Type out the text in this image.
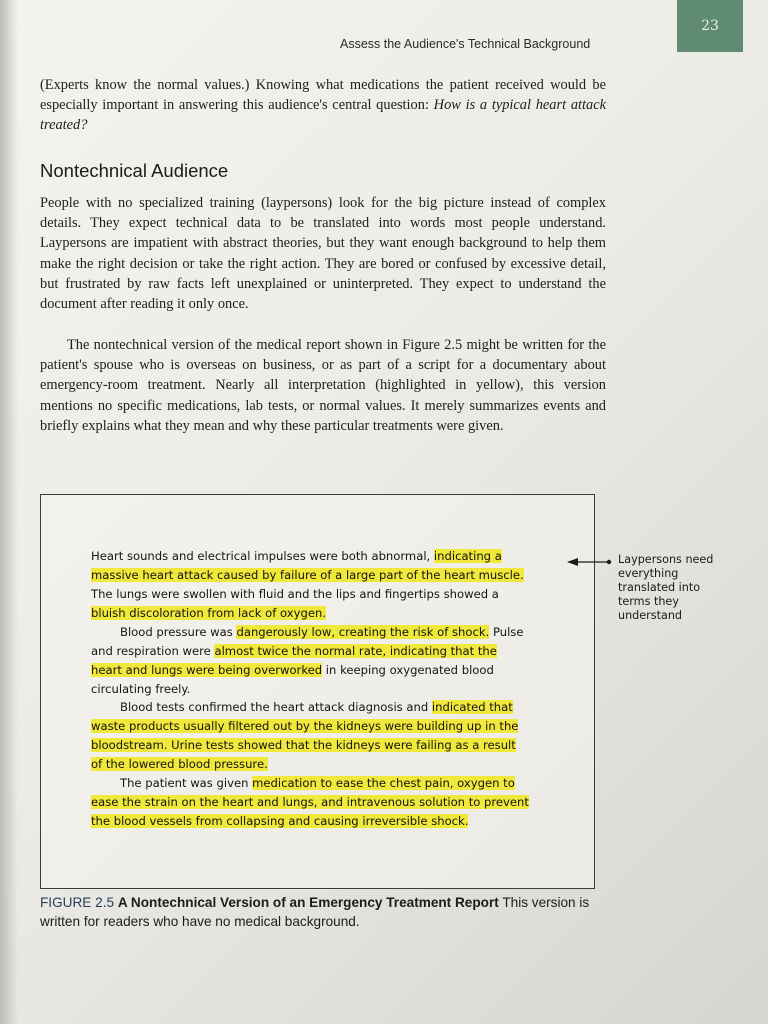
Assess the Audience's Technical Background
23

(Experts know the normal values.) Knowing what medications the patient received would be especially important in answering this audience's central question: How is a typical heart attack treated?

Nontechnical Audience

People with no specialized training (laypersons) look for the big picture instead of complex details. They expect technical data to be translated into words most people understand. Laypersons are impatient with abstract theories, but they want enough background to help them make the right decision or take the right action. They are bored or confused by excessive detail, but frustrated by raw facts left unexplained or uninterpreted. They expect to understand the document after reading it only once.

The nontechnical version of the medical report shown in Figure 2.5 might be written for the patient's spouse who is overseas on business, or as part of a script for a documentary about emergency-room treatment. Nearly all interpretation (highlighted in yellow), this version mentions no specific medications, lab tests, or normal values. It merely summarizes events and briefly explains what they mean and why these particular treatments were given.

Heart sounds and electrical impulses were both abnormal, indicating a

massive heart attack caused by failure of a large part of the heart muscle.

The lungs were swollen with fluid and the lips and fingertips showed a

bluish discoloration from lack of oxygen.

Blood pressure was dangerously low, creating the risk of shock. Pulse

and respiration were almost twice the normal rate, indicating that the

heart and lungs were being overworked in keeping oxygenated blood

circulating freely.

Blood tests confirmed the heart attack diagnosis and indicated that

waste products usually filtered out by the kidneys were building up in the

bloodstream. Urine tests showed that the kidneys were failing as a result

of the lowered blood pressure.

The patient was given medication to ease the chest pain, oxygen to

ease the strain on the heart and lungs, and intravenous solution to prevent

the blood vessels from collapsing and causing irreversible shock.

Laypersons need everything translated into terms they understand

FIGURE 2.5 A Nontechnical Version of an Emergency Treatment Report This version is written for readers who have no medical background.
